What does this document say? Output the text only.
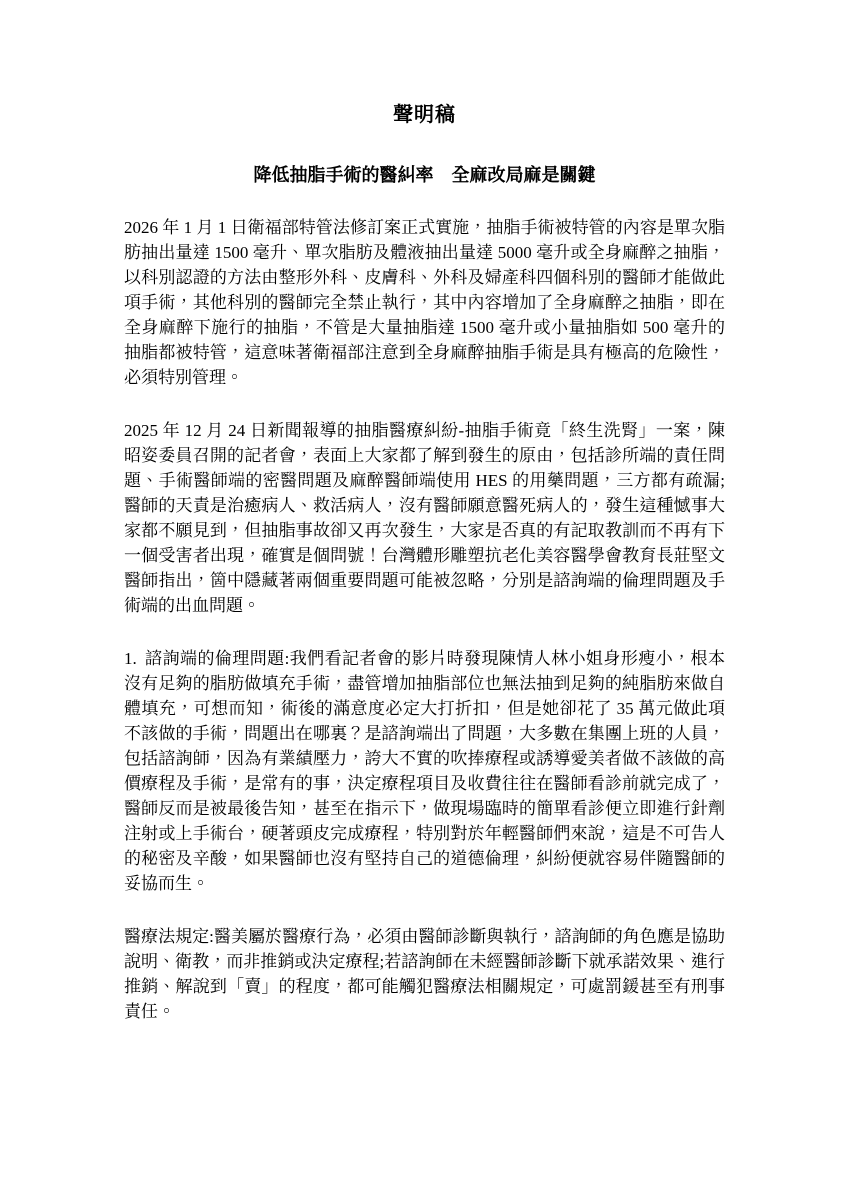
聲明稿
降低抽脂手術的醫糾率　全麻改局麻是關鍵

2026 年 1 月 1 日衛福部特管法修訂案正式實施，抽脂手術被特管的內容是單次脂肪抽出量達 1500 毫升、單次脂肪及體液抽出量達 5000 毫升或全身麻醉之抽脂，以科別認證的方法由整形外科、皮膚科、外科及婦產科四個科別的醫師才能做此項手術，其他科別的醫師完全禁止執行，其中內容增加了全身麻醉之抽脂，即在全身麻醉下施行的抽脂，不管是大量抽脂達 1500 毫升或小量抽脂如 500 毫升的抽脂都被特管，這意味著衛福部注意到全身麻醉抽脂手術是具有極高的危險性，必須特別管理。

2025 年 12 月 24 日新聞報導的抽脂醫療糾紛-抽脂手術竟「終生洗腎」一案，陳昭姿委員召開的記者會，表面上大家都了解到發生的原由，包括診所端的責任問題、手術醫師端的密醫問題及麻醉醫師端使用 HES 的用藥問題，三方都有疏漏;醫師的天責是治癒病人、救活病人，沒有醫師願意醫死病人的，發生這種憾事大家都不願見到，但抽脂事故卻又再次發生，大家是否真的有記取教訓而不再有下一個受害者出現，確實是個問號！台灣體形雕塑抗老化美容醫學會教育長莊堅文醫師指出，箇中隱藏著兩個重要問題可能被忽略，分別是諮詢端的倫理問題及手術端的出血問題。

1. 諮詢端的倫理問題:我們看記者會的影片時發現陳情人林小姐身形瘦小，根本沒有足夠的脂肪做填充手術，盡管增加抽脂部位也無法抽到足夠的純脂肪來做自體填充，可想而知，術後的滿意度必定大打折扣，但是她卻花了 35 萬元做此項不該做的手術，問題出在哪裏？是諮詢端出了問題，大多數在集團上班的人員，包括諮詢師，因為有業績壓力，誇大不實的吹捧療程或誘導愛美者做不該做的高價療程及手術，是常有的事，決定療程項目及收費往往在醫師看診前就完成了，醫師反而是被最後告知，甚至在指示下，做現場臨時的簡單看診便立即進行針劑注射或上手術台，硬著頭皮完成療程，特別對於年輕醫師們來說，這是不可告人的秘密及辛酸，如果醫師也沒有堅持自己的道德倫理，糾紛便就容易伴隨醫師的妥協而生。

醫療法規定:醫美屬於醫療行為，必須由醫師診斷與執行，諮詢師的角色應是協助說明、衛教，而非推銷或決定療程;若諮詢師在未經醫師診斷下就承諾效果、進行推銷、解說到「賣」的程度，都可能觸犯醫療法相關規定，可處罰鍰甚至有刑事責任。
